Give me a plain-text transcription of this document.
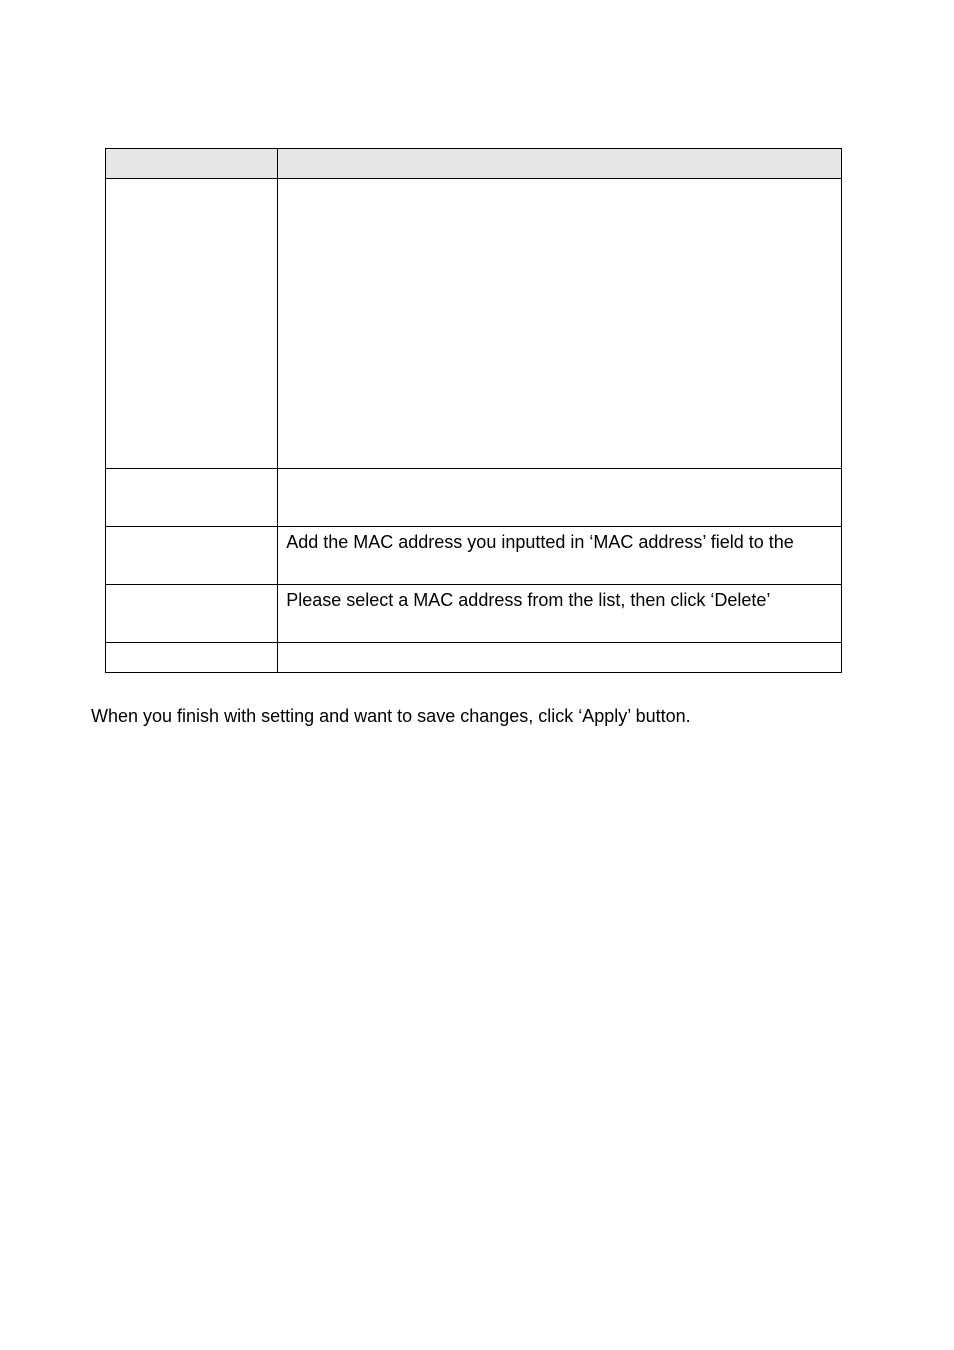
	Add the MAC address you inputted in ‘MAC address’ field to the

	Please select a MAC address from the list, then click ‘Delete’

When you finish with setting and want to save changes, click ‘Apply’ button.
